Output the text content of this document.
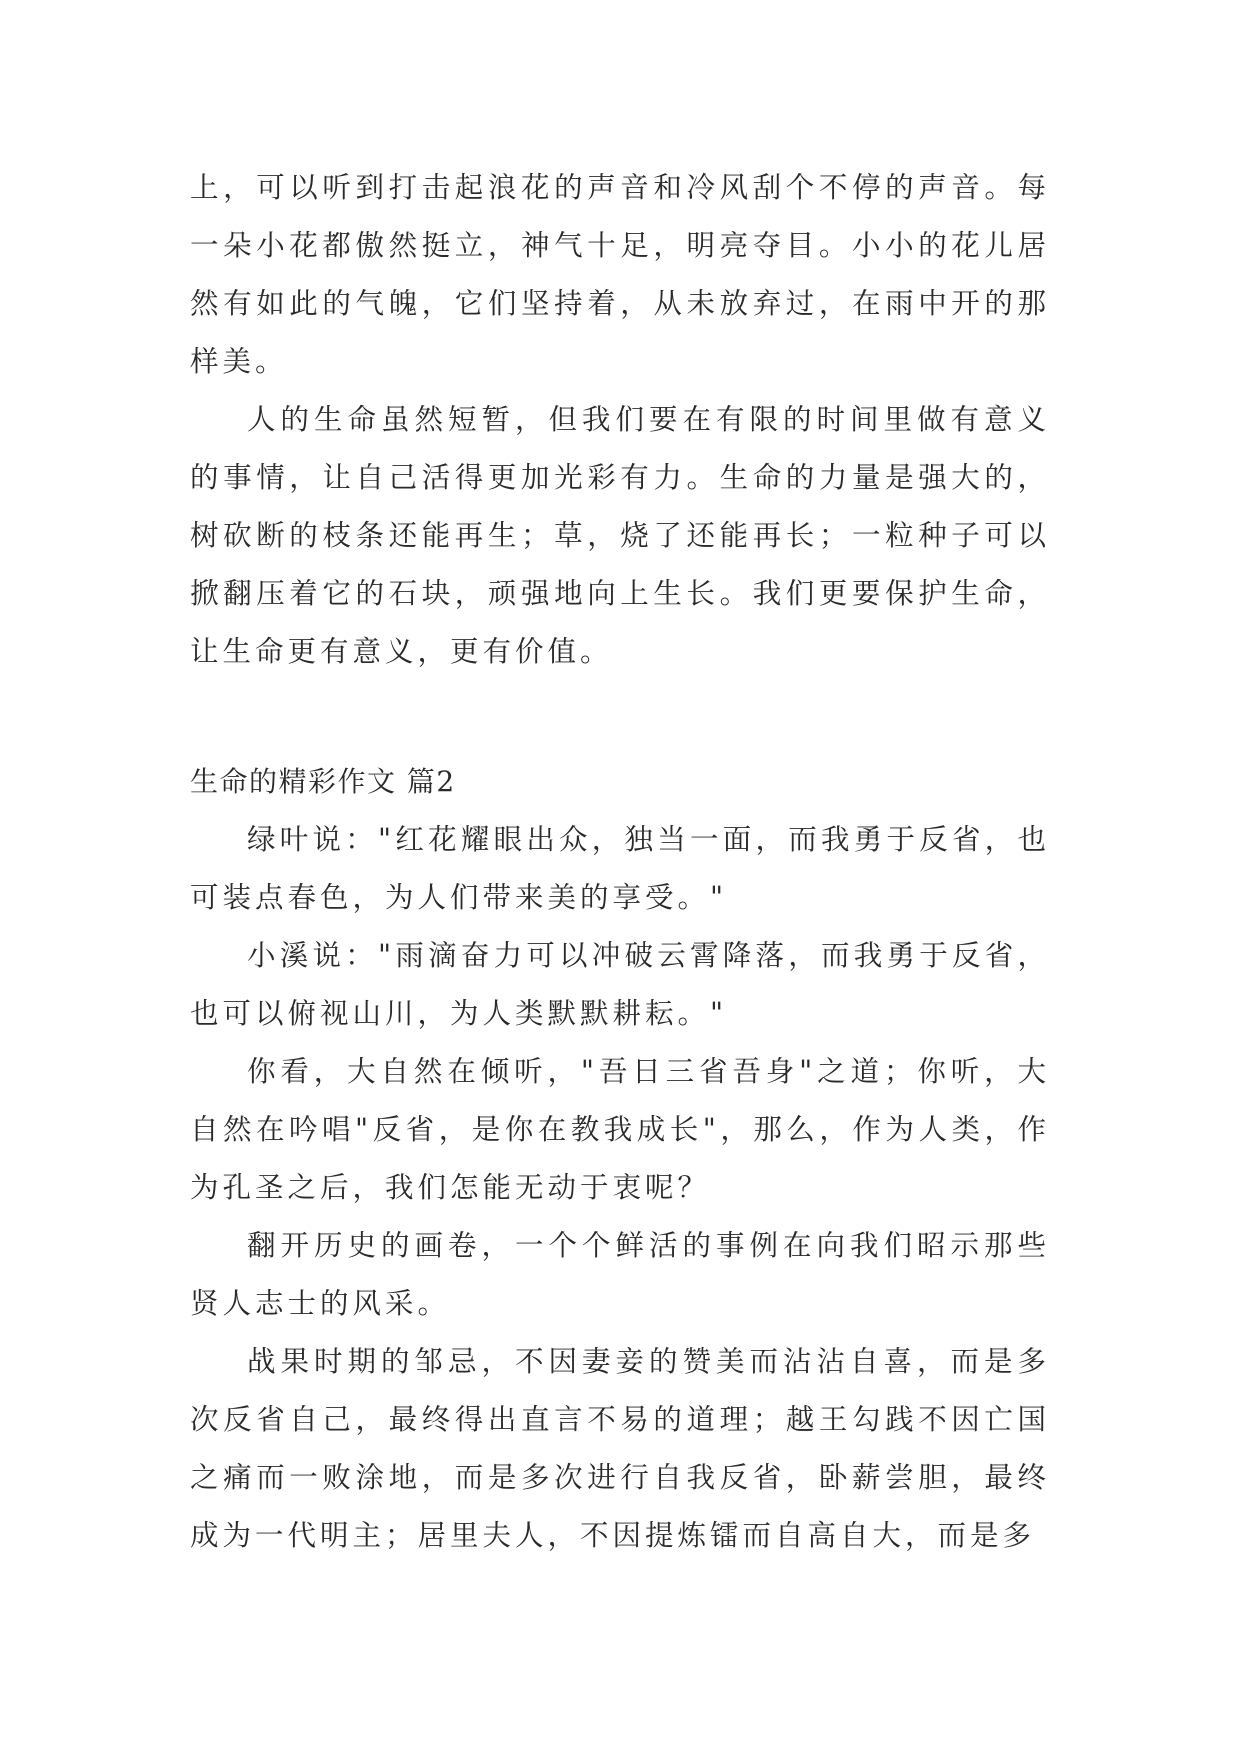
上，可以听到打击起浪花的声音和冷风刮个不停的声音。每一朵小花都傲然挺立，神气十足，明亮夺目。小小的花儿居然有如此的气魄，它们坚持着，从未放弃过，在雨中开的那样美。

人的生命虽然短暂，但我们要在有限的时间里做有意义的事情，让自己活得更加光彩有力。生命的力量是强大的，树砍断的枝条还能再生；草，烧了还能再长；一粒种子可以掀翻压着它的石块，顽强地向上生长。我们更要保护生命，让生命更有意义，更有价值。

生命的精彩作文 篇2

绿叶说："红花耀眼出众，独当一面，而我勇于反省，也可装点春色，为人们带来美的享受。"

小溪说："雨滴奋力可以冲破云霄降落，而我勇于反省，也可以俯视山川，为人类默默耕耘。"

你看，大自然在倾听，"吾日三省吾身"之道；你听，大自然在吟唱"反省，是你在教我成长"，那么，作为人类，作为孔圣之后，我们怎能无动于衷呢？

翻开历史的画卷，一个个鲜活的事例在向我们昭示那些贤人志士的风采。

战果时期的邹忌，不因妻妾的赞美而沾沾自喜，而是多次反省自己，最终得出直言不易的道理；越王勾践不因亡国之痛而一败涂地，而是多次进行自我反省，卧薪尝胆，最终成为一代明主；居里夫人，不因提炼镭而自高自大，而是多
